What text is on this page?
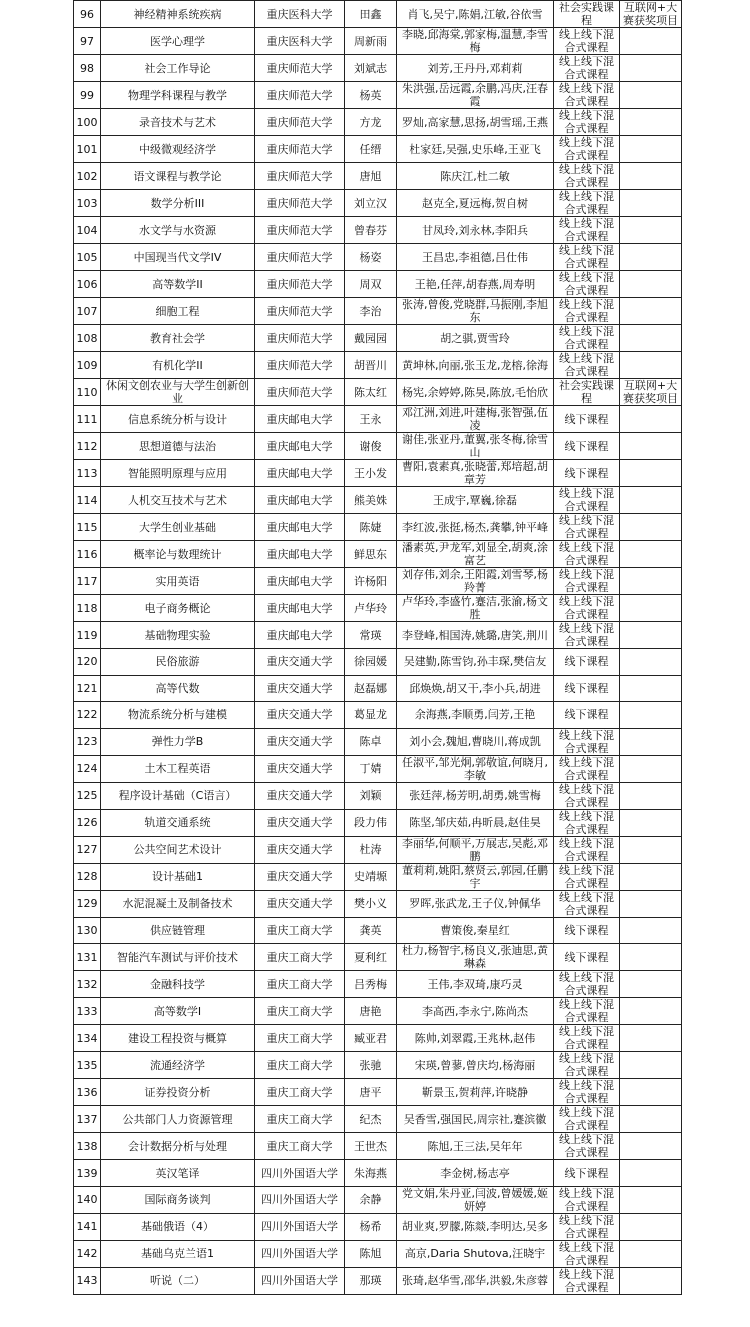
96	神经精神系统疾病	重庆医科大学	田鑫	肖飞,吴宁,陈娟,江敏,谷依雪	社会实践课程	互联网+大赛获奖项目
97	医学心理学	重庆医科大学	周新雨	李晓,邱海棠,郭家梅,温慧,李雪梅	线上线下混合式课程	
98	社会工作导论	重庆师范大学	刘斌志	刘芳,王丹丹,邓莉莉	线上线下混合式课程	
99	物理学科课程与教学	重庆师范大学	杨英	朱洪强,岳远霞,余鹏,冯庆,汪春霞	线上线下混合式课程	
100	录音技术与艺术	重庆师范大学	方龙	罗灿,高家慧,思扬,胡雪瑶,王燕	线上线下混合式课程	
101	中级微观经济学	重庆师范大学	任缙	杜家廷,吴强,史乐峰,王亚飞	线上线下混合式课程	
102	语文课程与教学论	重庆师范大学	唐旭	陈庆江,杜二敏	线上线下混合式课程	
103	数学分析III	重庆师范大学	刘立汉	赵克全,夏远梅,贺自树	线上线下混合式课程	
104	水文学与水资源	重庆师范大学	曾春芬	甘凤玲,刘永林,李阳兵	线上线下混合式课程	
105	中国现当代文学IV	重庆师范大学	杨姿	王昌忠,李祖德,吕仕伟	线上线下混合式课程	
106	高等数学II	重庆师范大学	周双	王艳,任萍,胡春燕,周寿明	线上线下混合式课程	
107	细胞工程	重庆师范大学	李治	张涛,曾俊,党晓群,马振刚,李旭东	线上线下混合式课程	
108	教育社会学	重庆师范大学	戴园园	胡之骐,贾雪玲	线上线下混合式课程	
109	有机化学II	重庆师范大学	胡晋川	黄坤林,向丽,张玉龙,龙榕,徐海	线上线下混合式课程	
110	休闲文创农业与大学生创新创业	重庆师范大学	陈太红	杨宪,余婷婷,陈昊,陈放,毛怡欣	社会实践课程	互联网+大赛获奖项目
111	信息系统分析与设计	重庆邮电大学	王永	邓江洲,刘进,叶建梅,张智强,伍凌	线下课程	
112	思想道德与法治	重庆邮电大学	谢俊	谢佳,张亚丹,董翼,张冬梅,徐雪山	线下课程	
113	智能照明原理与应用	重庆邮电大学	王小发	曹阳,袁素真,张晓蕾,郑培超,胡章芳	线下课程	
114	人机交互技术与艺术	重庆邮电大学	熊美姝	王成宇,覃巍,徐磊	线上线下混合式课程	
115	大学生创业基础	重庆邮电大学	陈婕	李红波,张挺,杨杰,龚攀,钟平峰	线上线下混合式课程	
116	概率论与数理统计	重庆邮电大学	鲜思东	潘素英,尹龙军,刘显全,胡爽,涂富艺	线上线下混合式课程	
117	实用英语	重庆邮电大学	许杨阳	刘存伟,刘余,王阳霞,刘雪琴,杨羚菁	线上线下混合式课程	
118	电子商务概论	重庆邮电大学	卢华玲	卢华玲,李盛竹,蹇洁,张渝,杨文胜	线上线下混合式课程	
119	基础物理实验	重庆邮电大学	常瑛	李登峰,相国涛,姚璐,唐笑,荆川	线上线下混合式课程	
120	民俗旅游	重庆交通大学	徐园媛	吴建勤,陈雪钧,孙丰琛,樊信友	线下课程	
121	高等代数	重庆交通大学	赵磊娜	邱焕焕,胡又干,李小兵,胡进	线下课程	
122	物流系统分析与建模	重庆交通大学	葛显龙	余海燕,李顺勇,闫芳,王艳	线下课程	
123	弹性力学B	重庆交通大学	陈卓	刘小会,魏旭,曹晓川,蒋成凯	线上线下混合式课程	
124	土木工程英语	重庆交通大学	丁婧	任淑平,邹光炯,郭敬谊,何晓月,李敏	线上线下混合式课程	
125	程序设计基础（C语言）	重庆交通大学	刘颖	张廷萍,杨芳明,胡勇,姚雪梅	线上线下混合式课程	
126	轨道交通系统	重庆交通大学	段力伟	陈坚,邹庆茹,冉昕晨,赵佳昊	线上线下混合式课程	
127	公共空间艺术设计	重庆交通大学	杜涛	李丽华,何顺平,万展志,吴彪,邓鹏	线上线下混合式课程	
128	设计基础1	重庆交通大学	史靖塬	董莉莉,姚阳,蔡贤云,郭园,任鹏宇	线上线下混合式课程	
129	水泥混凝土及制备技术	重庆交通大学	樊小义	罗晖,张武龙,王子仪,钟佩华	线上线下混合式课程	
130	供应链管理	重庆工商大学	龚英	曹策俊,秦星红	线下课程	
131	智能汽车测试与评价技术	重庆工商大学	夏利红	杜力,杨智宇,杨良义,张迪思,黄琳森	线下课程	
132	金融科技学	重庆工商大学	吕秀梅	王伟,李双琦,康巧灵	线上线下混合式课程	
133	高等数学I	重庆工商大学	唐艳	李高西,李永宁,陈尚杰	线上线下混合式课程	
134	建设工程投资与概算	重庆工商大学	臧亚君	陈帅,刘翠霞,王兆林,赵伟	线上线下混合式课程	
135	流通经济学	重庆工商大学	张驰	宋瑛,曾蓼,曾庆均,杨海丽	线上线下混合式课程	
136	证券投资分析	重庆工商大学	唐平	靳景玉,贺莉萍,许晓静	线上线下混合式课程	
137	公共部门人力资源管理	重庆工商大学	纪杰	吴香雪,强国民,周宗社,蹇滨徽	线上线下混合式课程	
138	会计数据分析与处理	重庆工商大学	王世杰	陈旭,王三法,吴年年	线上线下混合式课程	
139	英汉笔译	四川外国语大学	朱海燕	李金树,杨志亭	线下课程	
140	国际商务谈判	四川外国语大学	余静	党文娟,朱丹亚,闫波,曾媛媛,姬妍婷	线上线下混合式课程	
141	基础俄语（4）	四川外国语大学	杨希	胡业爽,罗朦,陈燚,李明达,吴多	线上线下混合式课程	
142	基础乌克兰语1	四川外国语大学	陈旭	高京,Daria Shutova,汪晓宇	线上线下混合式课程	
143	听说（二）	四川外国语大学	那瑛	张琦,赵华雪,邵华,洪毅,朱彦蓉	线上线下混合式课程	
